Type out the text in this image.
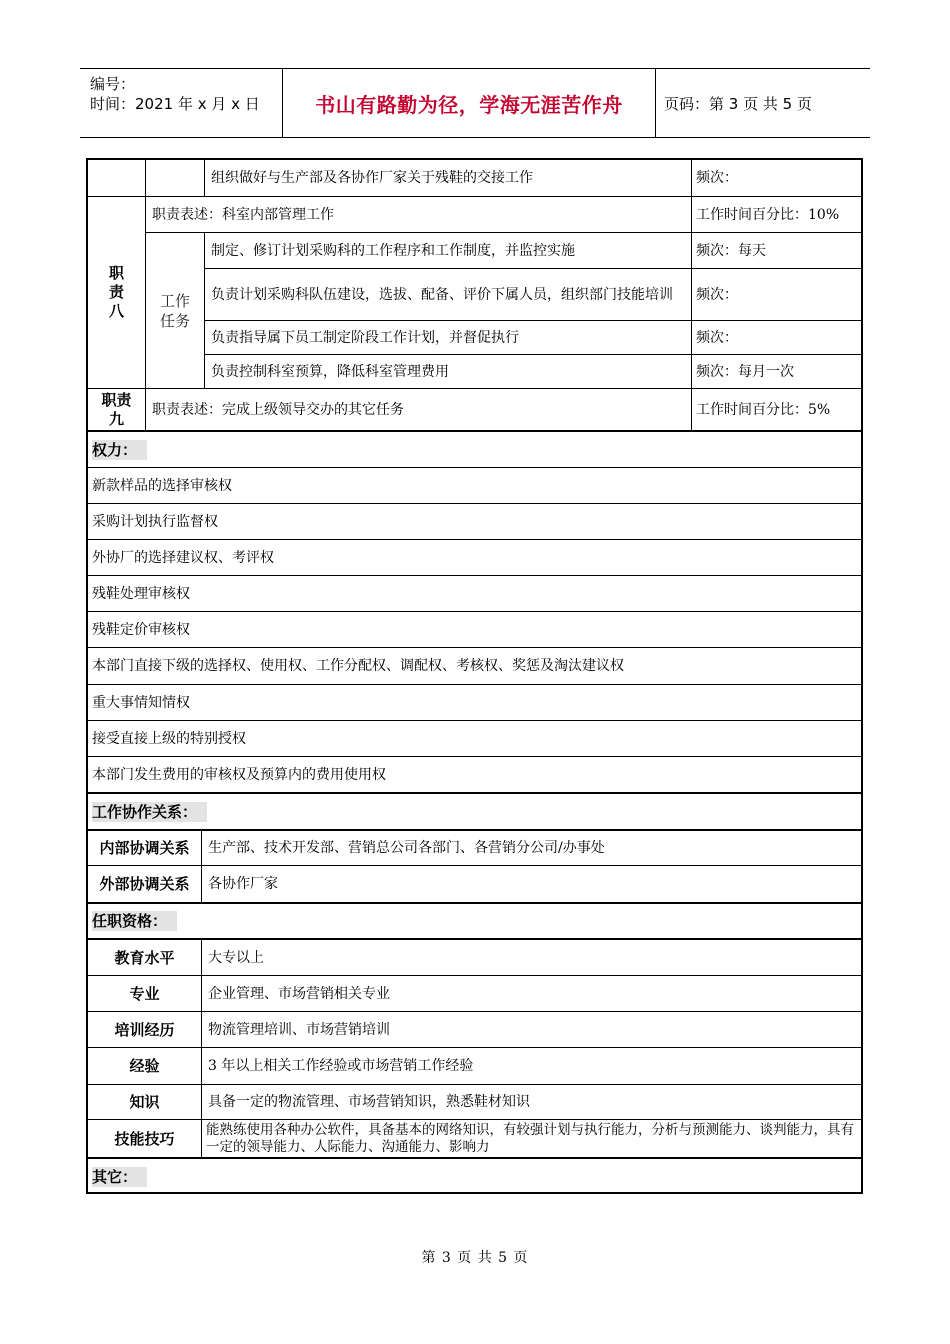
编号：
时间：2021 年 x 月 x 日	书山有路勤为径，学海无涯苦作舟	页码：第 3 页 共 5 页
组织做好与生产部及各协作厂家关于残鞋的交接工作	频次：
职
责
八
职责表述：科室内部管理工作	工作时间百分比：10%
工作
任务
制定、修订计划采购科的工作程序和工作制度，并监控实施	频次：每天
负责计划采购科队伍建设，选拔、配备、评价下属人员，组织部门技能培训	频次：
负责指导属下员工制定阶段工作计划，并督促执行	频次：
负责控制科室预算，降低科室管理费用	频次：每月一次
职责
九	职责表述：完成上级领导交办的其它任务	工作时间百分比：5%
权力：
新款样品的选择审核权
采购计划执行监督权
外协厂的选择建议权、考评权
残鞋处理审核权
残鞋定价审核权
本部门直接下级的选择权、使用权、工作分配权、调配权、考核权、奖惩及淘汰建议权
重大事情知情权
接受直接上级的特别授权
本部门发生费用的审核权及预算内的费用使用权
工作协作关系：
内部协调关系	生产部、技术开发部、营销总公司各部门、各营销分公司/办事处
外部协调关系	各协作厂家
任职资格：
教育水平	大专以上
专业	企业管理、市场营销相关专业
培训经历	物流管理培训、市场营销培训
经验	3 年以上相关工作经验或市场营销工作经验
知识	具备一定的物流管理、市场营销知识，熟悉鞋材知识
技能技巧	能熟练使用各种办公软件，具备基本的网络知识，有较强计划与执行能力，分析与预测能力、谈判能力，具有一定的领导能力、人际能力、沟通能力、影响力
其它：
第 3 页 共 5 页
